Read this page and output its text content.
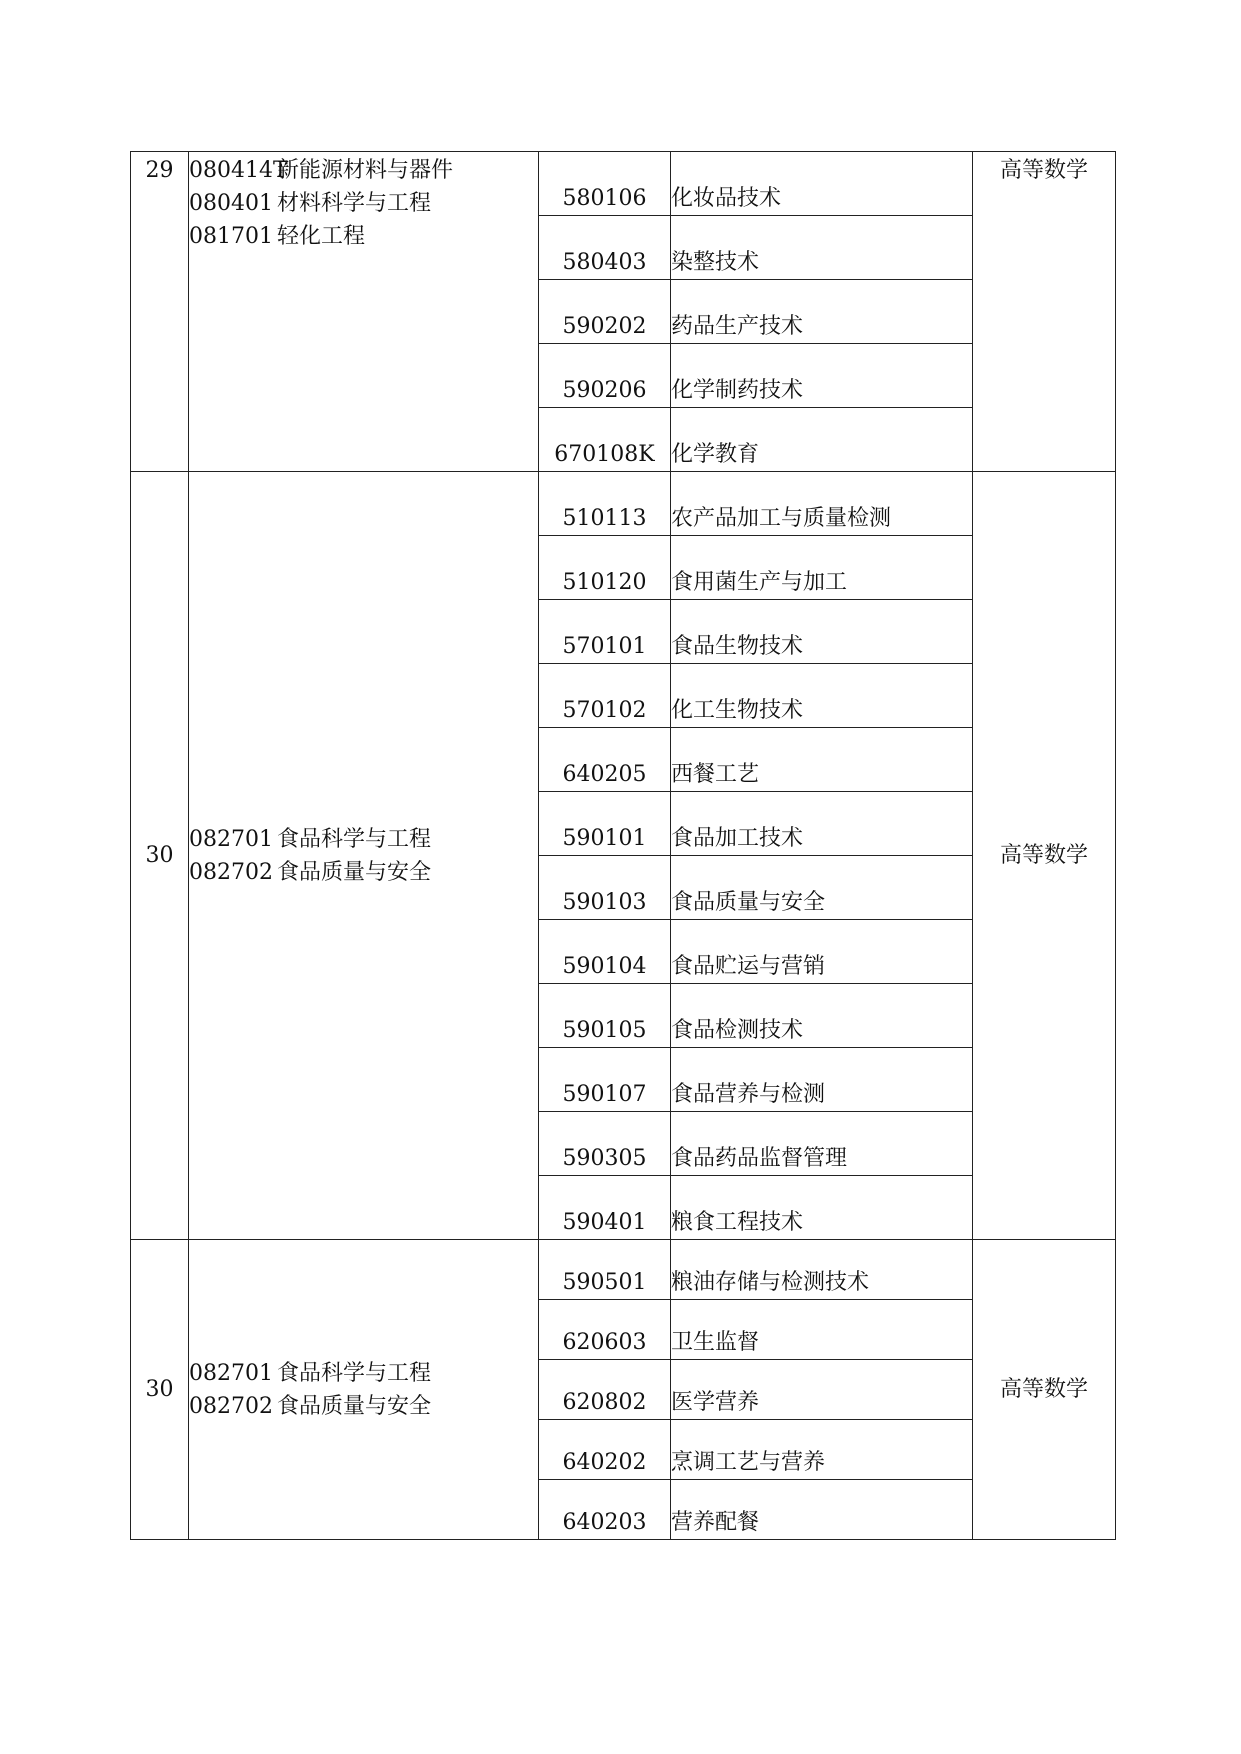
29	080414T新能源材料与器件
080401 材料科学与工程
081701 轻化工程	580106	化妆品技术	高等数学
		580403	染整技术	
		590202	药品生产技术	
		590206	化学制药技术	
		670108K	化学教育	
30	082701 食品科学与工程
082702 食品质量与安全	510113	农产品加工与质量检测	高等数学
		510120	食用菌生产与加工	
		570101	食品生物技术	
		570102	化工生物技术	
		640205	西餐工艺	
		590101	食品加工技术	
		590103	食品质量与安全	
		590104	食品贮运与营销	
		590105	食品检测技术	
		590107	食品营养与检测	
		590305	食品药品监督管理	
		590401	粮食工程技术	
30	082701 食品科学与工程
082702 食品质量与安全	590501	粮油存储与检测技术	高等数学
		620603	卫生监督	
		620802	医学营养	
		640202	烹调工艺与营养	
		640203	营养配餐	
